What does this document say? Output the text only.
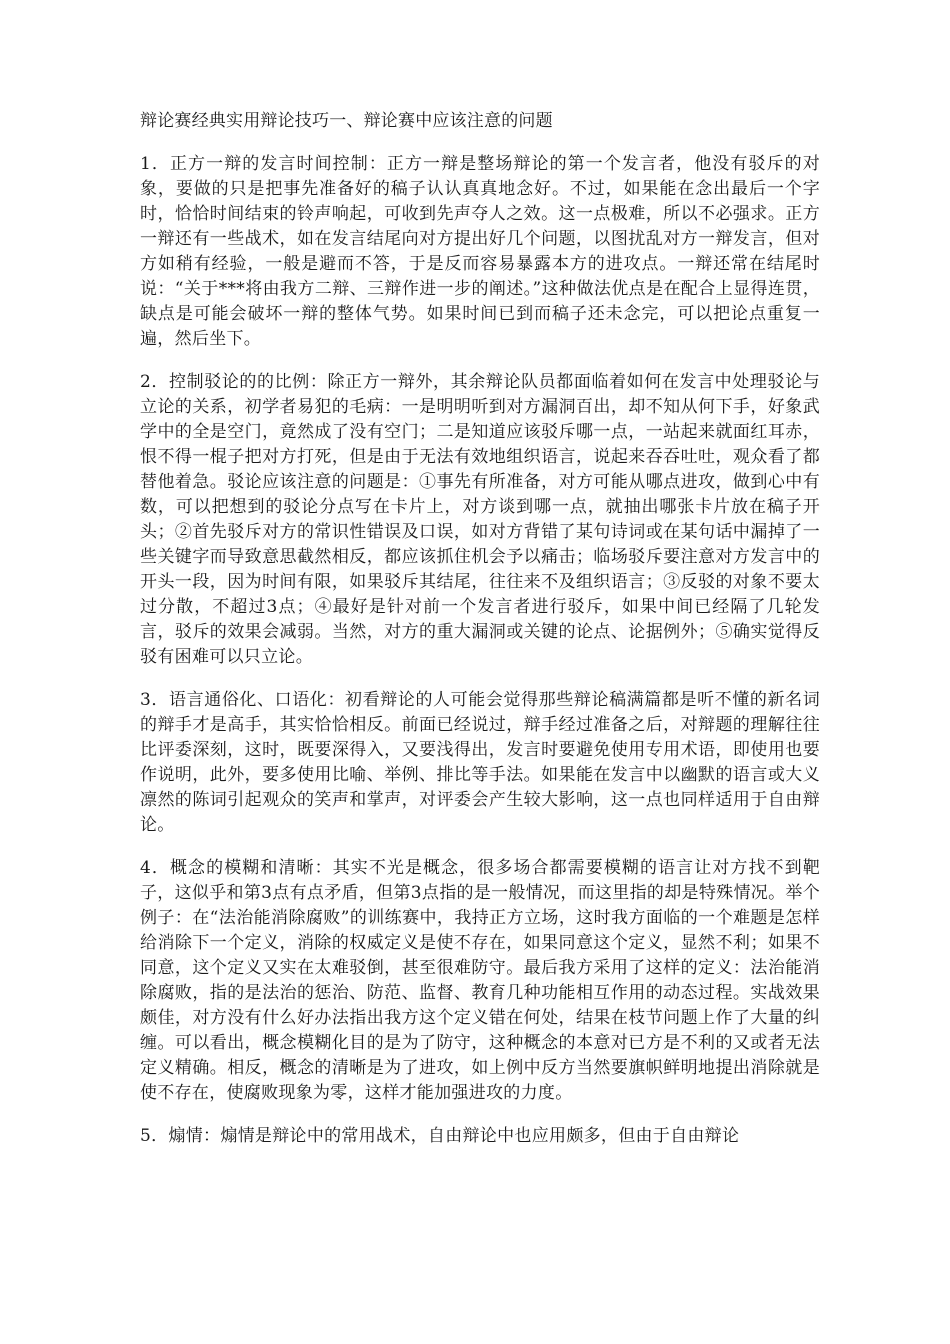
辩论赛经典实用辩论技巧一、辩论赛中应该注意的问题

1．正方一辩的发言时间控制：正方一辩是整场辩论的第一个发言者，他没有驳斥的对象，要做的只是把事先准备好的稿子认认真真地念好。不过，如果能在念出最后一个字时，恰恰时间结束的铃声响起，可收到先声夺人之效。这一点极难，所以不必强求。正方一辩还有一些战术，如在发言结尾向对方提出好几个问题，以图扰乱对方一辩发言，但对方如稍有经验，一般是避而不答，于是反而容易暴露本方的进攻点。一辩还常在结尾时说：“关于***将由我方二辩、三辩作进一步的阐述。”这种做法优点是在配合上显得连贯，缺点是可能会破坏一辩的整体气势。如果时间已到而稿子还未念完，可以把论点重复一遍，然后坐下。

2．控制驳论的的比例：除正方一辩外，其余辩论队员都面临着如何在发言中处理驳论与立论的关系，初学者易犯的毛病：一是明明听到对方漏洞百出，却不知从何下手，好象武学中的全是空门，竟然成了没有空门；二是知道应该驳斥哪一点，一站起来就面红耳赤，恨不得一棍子把对方打死，但是由于无法有效地组织语言，说起来吞吞吐吐，观众看了都替他着急。驳论应该注意的问题是：①事先有所准备，对方可能从哪点进攻，做到心中有数，可以把想到的驳论分点写在卡片上，对方谈到哪一点，就抽出哪张卡片放在稿子开头；②首先驳斥对方的常识性错误及口误，如对方背错了某句诗词或在某句话中漏掉了一些关键字而导致意思截然相反，都应该抓住机会予以痛击；临场驳斥要注意对方发言中的开头一段，因为时间有限，如果驳斥其结尾，往往来不及组织语言；③反驳的对象不要太过分散，不超过3点；④最好是针对前一个发言者进行驳斥，如果中间已经隔了几轮发言，驳斥的效果会减弱。当然，对方的重大漏洞或关键的论点、论据例外；⑤确实觉得反驳有困难可以只立论。

3．语言通俗化、口语化：初看辩论的人可能会觉得那些辩论稿满篇都是听不懂的新名词的辩手才是高手，其实恰恰相反。前面已经说过，辩手经过准备之后，对辩题的理解往往比评委深刻，这时，既要深得入，又要浅得出，发言时要避免使用专用术语，即使用也要作说明，此外，要多使用比喻、举例、排比等手法。如果能在发言中以幽默的语言或大义凛然的陈词引起观众的笑声和掌声，对评委会产生较大影响，这一点也同样适用于自由辩论。

4．概念的模糊和清晰：其实不光是概念，很多场合都需要模糊的语言让对方找不到靶子，这似乎和第3点有点矛盾，但第3点指的是一般情况，而这里指的却是特殊情况。举个例子：在“法治能消除腐败”的训练赛中，我持正方立场，这时我方面临的一个难题是怎样给消除下一个定义，消除的权威定义是使不存在，如果同意这个定义，显然不利；如果不同意，这个定义又实在太难驳倒，甚至很难防守。最后我方采用了这样的定义：法治能消除腐败，指的是法治的惩治、防范、监督、教育几种功能相互作用的动态过程。实战效果颇佳，对方没有什么好办法指出我方这个定义错在何处，结果在枝节问题上作了大量的纠缠。可以看出，概念模糊化目的是为了防守，这种概念的本意对已方是不利的又或者无法定义精确。相反，概念的清晰是为了进攻，如上例中反方当然要旗帜鲜明地提出消除就是使不存在，使腐败现象为零，这样才能加强进攻的力度。

5．煽情：煽情是辩论中的常用战术，自由辩论中也应用颇多，但由于自由辩论
